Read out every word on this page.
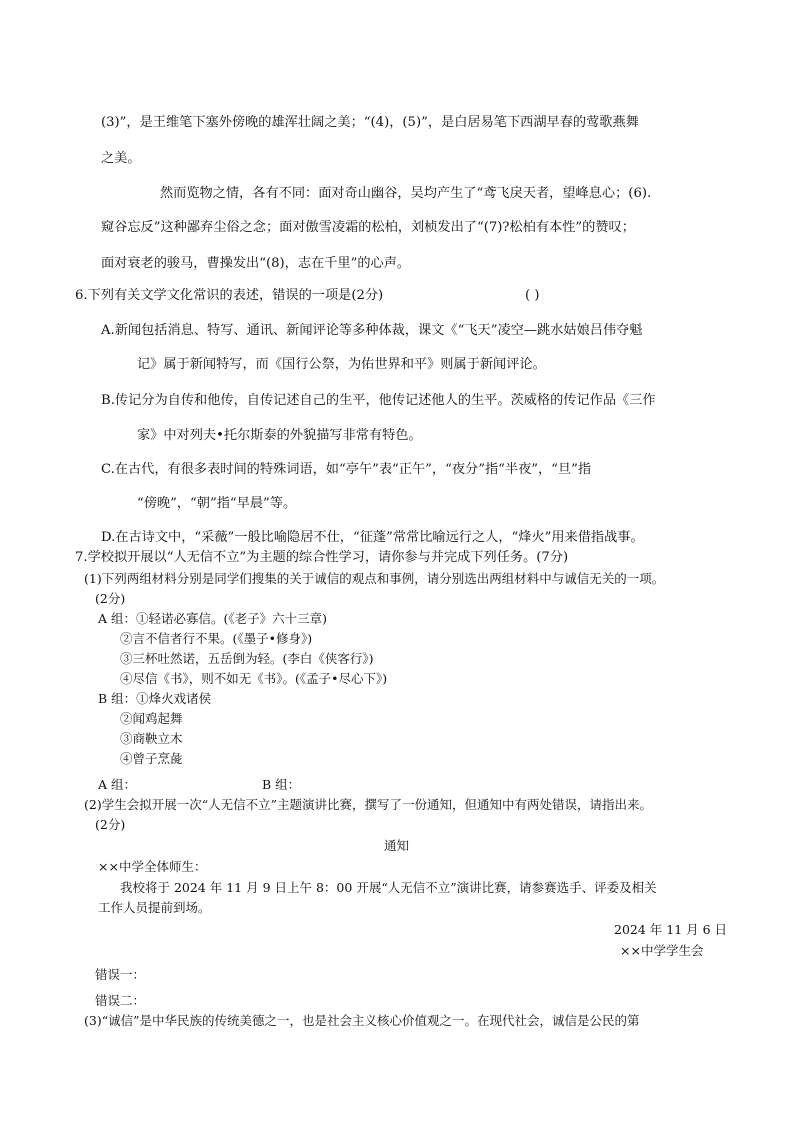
(3)”，是王维笔下塞外傍晚的雄浑壮阔之美；“(4)，(5)”，是白居易笔下西湖早春的莺歌燕舞
之美。
然而览物之情，各有不同：面对奇山幽谷，吴均产生了“鸢飞戾天者，望峰息心；(6).
窥谷忘反”这种鄙弃尘俗之念；面对傲雪凌霜的松柏，刘桢发出了“(7)?松柏有本性”的赞叹；
面对衰老的骏马，曹操发出“(8)，志在千里”的心声。
6.下列有关文学文化常识的表述，错误的一项是(2分)	( )
A.新闻包括消息、特写、通讯、新闻评论等多种体裁，课文《“飞天”凌空—跳水姑娘吕伟夺魁
记》属于新闻特写，而《国行公祭，为佑世界和平》则属于新闻评论。
B.传记分为自传和他传，自传记述自己的生平，他传记述他人的生平。茨威格的传记作品《三作
家》中对列夫•托尔斯泰的外貌描写非常有特色。
C.在古代，有很多表时间的特殊词语，如“亭午”表“正午”，“夜分”指“半夜”，“旦”指
“傍晚”，“朝”指“早晨”等。
D.在古诗文中，“采薇”一般比喻隐居不仕，“征蓬”常常比喻远行之人，“烽火”用来借指战事。
7.学校拟开展以“人无信不立”为主题的综合性学习，请你参与并完成下列任务。(7分)
(1)下列两组材料分别是同学们搜集的关于诚信的观点和事例，请分别选出两组材料中与诚信无关的一项。
(2分)
A 组：①轻诺必寡信。(《老子》六十三章)
②言不信者行不果。(《墨子•修身》)
③三杯吐然诺，五岳倒为轻。(李白《侠客行》)
④尽信《书》，则不如无《书》。(《孟子•尽心下》)
B 组：①烽火戏诸侯
②闻鸡起舞
③商鞅立木
④曾子烹彘
A 组：	B 组：
(2)学生会拟开展一次“人无信不立”主题演讲比赛，撰写了一份通知，但通知中有两处错误，请指出来。
(2分)
通知
××中学全体师生：
我校将于 2024 年 11 月 9 日上午 8：00 开展“人无信不立”演讲比赛，请参赛选手、评委及相关
工作人员提前到场。
2024 年 11 月 6 日
××中学学生会
错误一：
错误二：
(3)“诚信”是中华民族的传统美德之一，也是社会主义核心价值观之一。在现代社会，诚信是公民的第
